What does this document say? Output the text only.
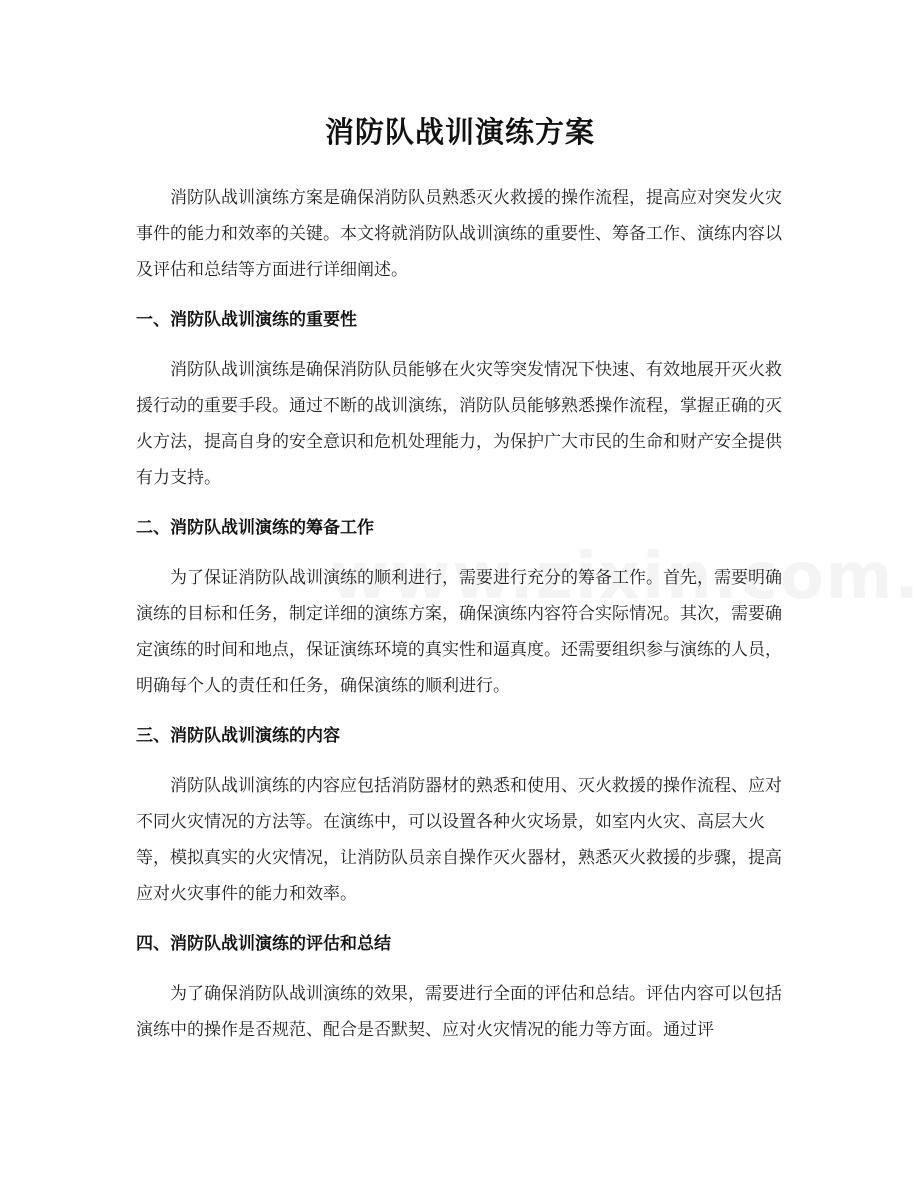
消防队战训演练方案

消防队战训演练方案是确保消防队员熟悉灭火救援的操作流程，提高应对突发火灾事件的能力和效率的关键。本文将就消防队战训演练的重要性、筹备工作、演练内容以及评估和总结等方面进行详细阐述。

一、消防队战训演练的重要性

消防队战训演练是确保消防队员能够在火灾等突发情况下快速、有效地展开灭火救援行动的重要手段。通过不断的战训演练，消防队员能够熟悉操作流程，掌握正确的灭火方法，提高自身的安全意识和危机处理能力，为保护广大市民的生命和财产安全提供有力支持。

二、消防队战训演练的筹备工作

为了保证消防队战训演练的顺利进行，需要进行充分的筹备工作。首先，需要明确演练的目标和任务，制定详细的演练方案，确保演练内容符合实际情况。其次，需要确定演练的时间和地点，保证演练环境的真实性和逼真度。还需要组织参与演练的人员，明确每个人的责任和任务，确保演练的顺利进行。

三、消防队战训演练的内容

消防队战训演练的内容应包括消防器材的熟悉和使用、灭火救援的操作流程、应对不同火灾情况的方法等。在演练中，可以设置各种火灾场景，如室内火灾、高层大火等，模拟真实的火灾情况，让消防队员亲自操作灭火器材，熟悉灭火救援的步骤，提高应对火灾事件的能力和效率。

四、消防队战训演练的评估和总结

为了确保消防队战训演练的效果，需要进行全面的评估和总结。评估内容可以包括演练中的操作是否规范、配合是否默契、应对火灾情况的能力等方面。通过评
